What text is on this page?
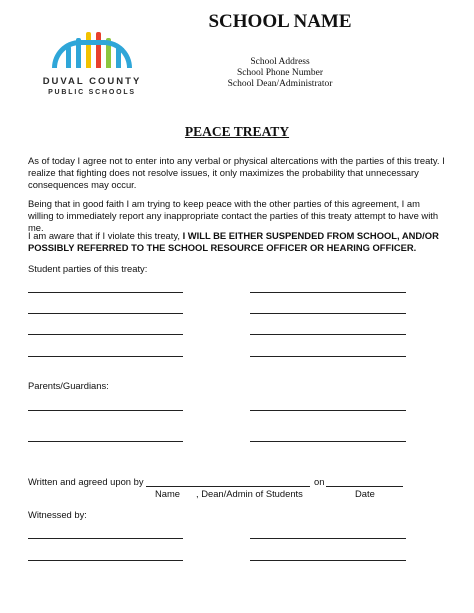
DUVAL COUNTY
PUBLIC SCHOOLS
SCHOOL NAME
School Address
School Phone Number
School Dean/Administrator
PEACE TREATY
As of today I agree not to enter into any verbal or physical altercations with the parties of this treaty. I realize that fighting does not resolve issues, it only maximizes the probability that unnecessary consequences may occur.
Being that in good faith I am trying to keep peace with the other parties of this agreement, I am willing to immediately report any inappropriate contact the parties of this treaty attempt to have with me.
I am aware that if I violate this treaty, I WILL BE EITHER SUSPENDED FROM SCHOOL, AND/OR POSSIBLY REFERRED TO THE SCHOOL RESOURCE OFFICER OR HEARING OFFICER.
Student parties of this treaty:
Parents/Guardians:
Written and agreed upon by	on
Name , Dean/Admin of Students	Date
Witnessed by:
